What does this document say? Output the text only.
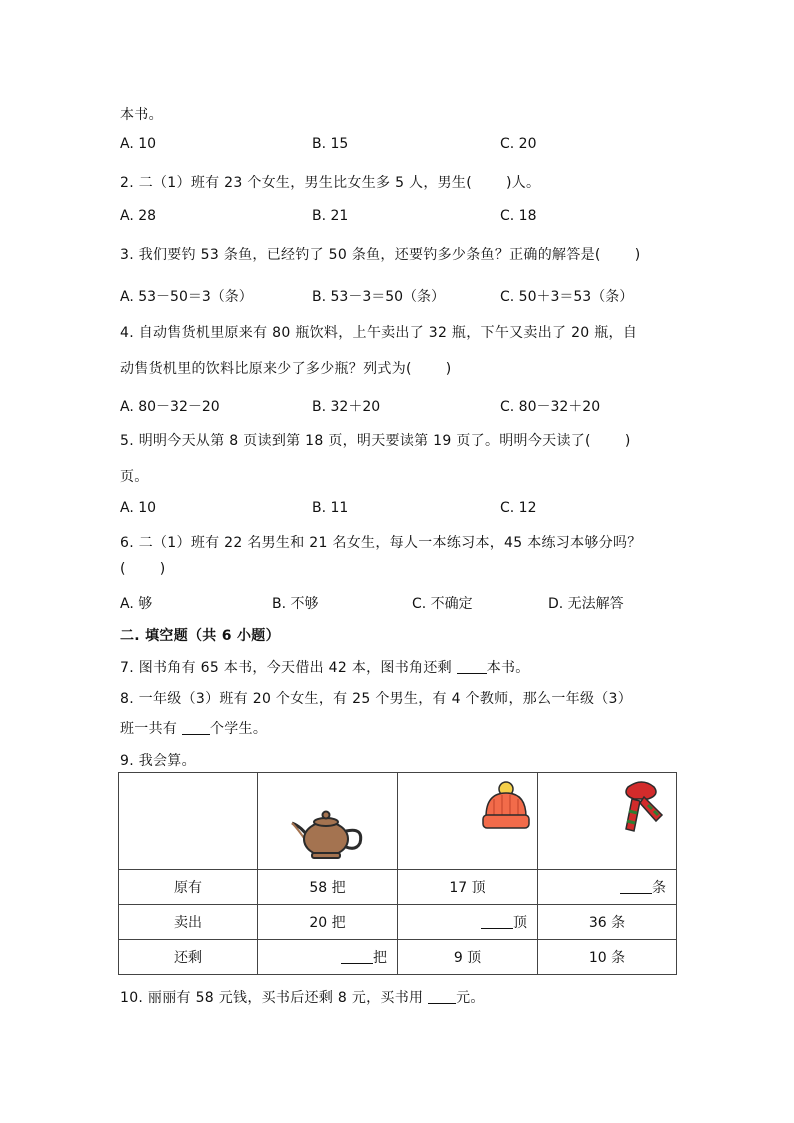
本书。
A. 10	B. 15	C. 20
2. 二（1）班有 23 个女生，男生比女生多 5 人，男生( )人。
A. 28	B. 21	C. 18
3. 我们要钓 53 条鱼，已经钓了 50 条鱼，还要钓多少条鱼？正确的解答是( )
A. 53－50＝3（条）	B. 53－3＝50（条）	C. 50＋3＝53（条）
4. 自动售货机里原来有 80 瓶饮料，上午卖出了 32 瓶，下午又卖出了 20 瓶，自
动售货机里的饮料比原来少了多少瓶？列式为( )
A. 80－32－20	B. 32＋20	C. 80－32＋20
5. 明明今天从第 8 页读到第 18 页，明天要读第 19 页了。明明今天读了( )
页。
A. 10	B. 11	C. 12
6. 二（1）班有 22 名男生和 21 名女生，每人一本练习本，45 本练习本够分吗？
( )
A. 够	B. 不够	C. 不确定	D. 无法解答
二. 填空题（共 6 小题）
7. 图书角有 65 本书，今天借出 42 本，图书角还剩 本书。
8. 一年级（3）班有 20 个女生，有 25 个男生，有 4 个教师，那么一年级（3）
班一共有 个学生。
9. 我会算。

原有	58 把	17 顶	条
卖出	20 把	顶	36 条
还剩	把	9 顶	10 条
10. 丽丽有 58 元钱，买书后还剩 8 元，买书用 元。
